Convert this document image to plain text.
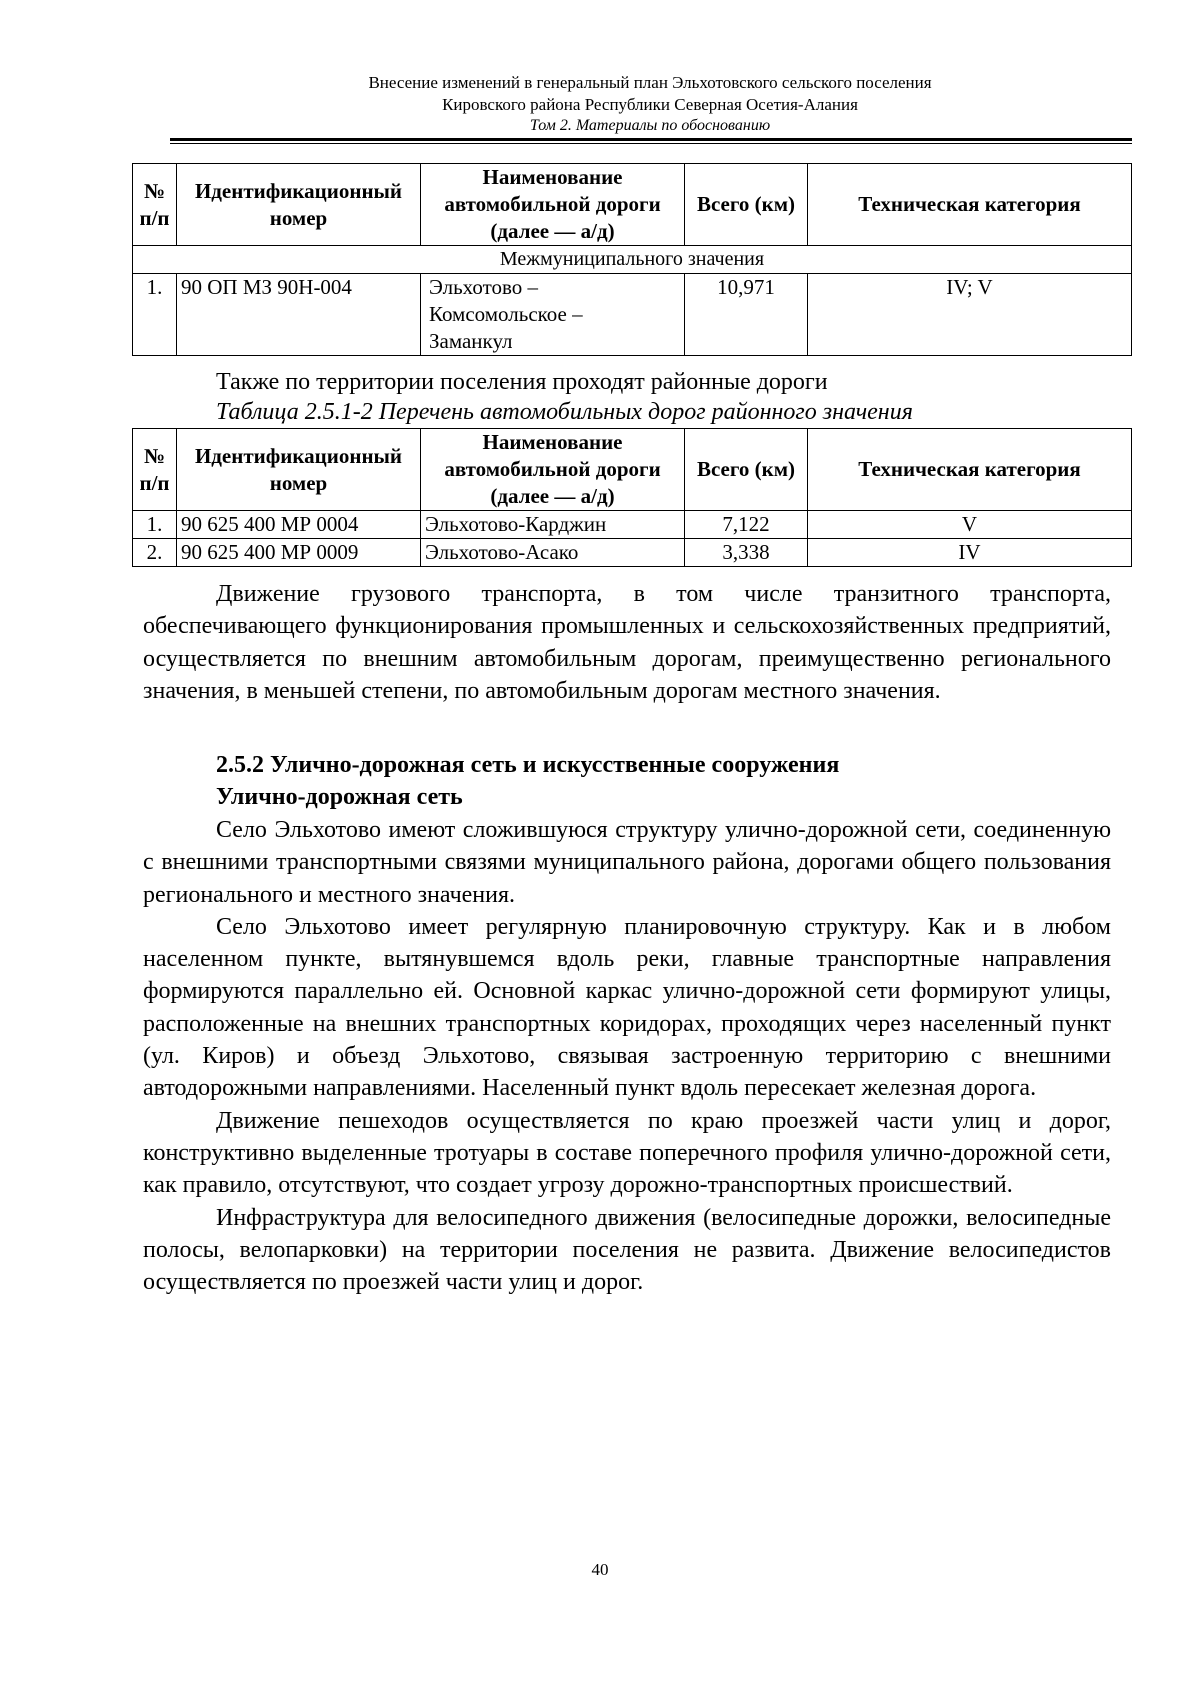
Внесение изменений в генеральный план Эльхотовского сельского поселения
Кировского района Республики Северная Осетия-Алания
Том 2. Материалы по обоснованию
№ п/п	Идентификационный номер	Наименование автомобильной дороги (далее — а/д)	Всего (км)	Техническая категория
Межмуниципального значения				
1.	90 ОП МЗ 90Н-004	Эльхотово – Комсомольское – Заманкул	10,971	IV; V
Также по территории поселения проходят районные дороги
Таблица 2.5.1-2 Перечень автомобильных дорог районного значения
№ п/п	Идентификационный номер	Наименование автомобильной дороги (далее — а/д)	Всего (км)	Техническая категория
1.	90 625 400 МР 0004	Эльхотово-Карджин	7,122	V
2.	90 625 400 МР 0009	Эльхотово-Асако	3,338	IV

Движение грузового транспорта, в том числе транзитного транспорта, обеспечивающего функционирования промышленных и сельскохозяйственных предприятий, осуществляется по внешним автомобильным дорогам, преимущественно регионального значения, в меньшей степени, по автомобильным дорогам местного значения.

2.5.2 Улично-дорожная сеть и искусственные сооружения
Улично-дорожная сеть

Село Эльхотово имеют сложившуюся структуру улично-дорожной сети, соединенную с внешними транспортными связями муниципального района, дорогами общего пользования регионального и местного значения.

Село Эльхотово имеет регулярную планировочную структуру. Как и в любом населенном пункте, вытянувшемся вдоль реки, главные транспортные направления формируются параллельно ей. Основной каркас улично-дорожной сети формируют улицы, расположенные на внешних транспортных коридорах, проходящих через населенный пункт (ул. Киров) и объезд Эльхотово, связывая застроенную территорию с внешними автодорожными направлениями. Населенный пункт вдоль пересекает железная дорога.

Движение пешеходов осуществляется по краю проезжей части улиц и дорог, конструктивно выделенные тротуары в составе поперечного профиля улично-дорожной сети, как правило, отсутствуют, что создает угрозу дорожно-транспортных происшествий.

Инфраструктура для велосипедного движения (велосипедные дорожки, велосипедные полосы, велопарковки) на территории поселения не развита. Движение велосипедистов осуществляется по проезжей части улиц и дорог.

40
